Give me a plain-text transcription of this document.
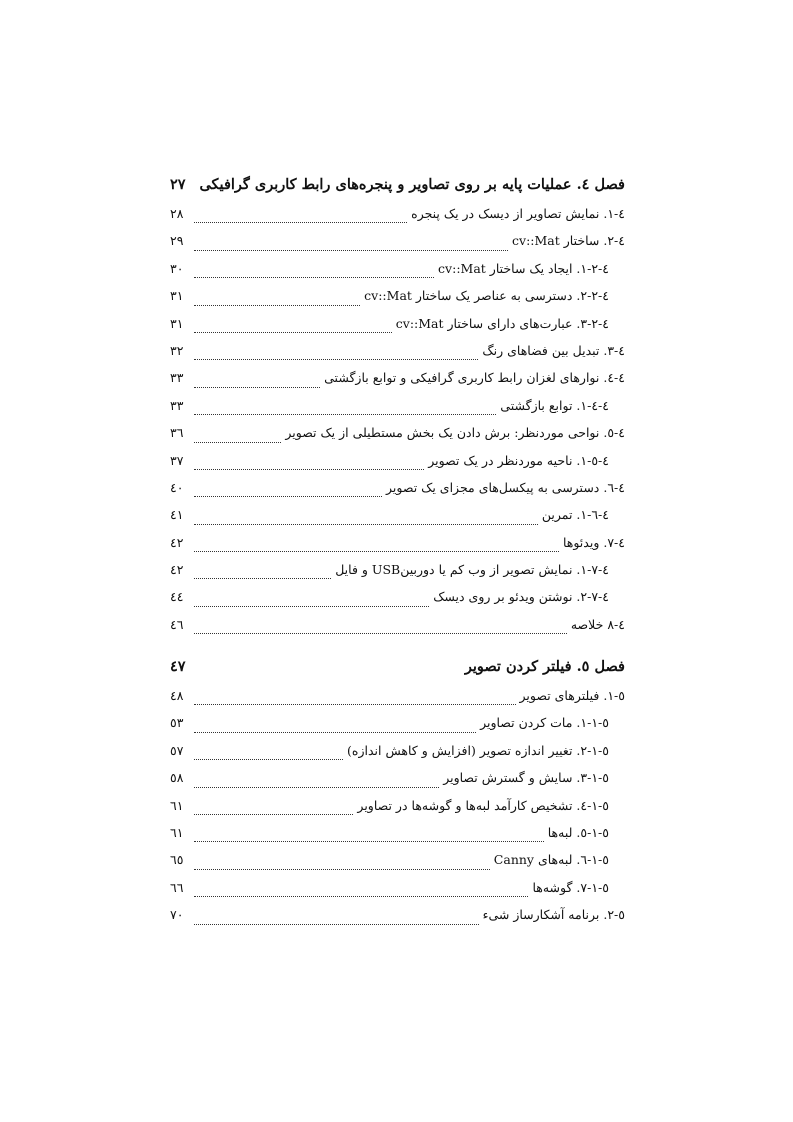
فصل ٤. عملیات پایه بر روی تصاویر و پنجره‌های رابط کاربری گرافیکی
۲۷
٤-١. نمایش تصاویر از دیسک در یک پنجره
۲۸
٤-٢. ساختار cv::Mat
۲۹
٤-٢-١. ایجاد یک ساختار cv::Mat
۳۰
٤-٢-٢. دسترسی به عناصر یک ساختار cv::Mat
۳۱
٤-٢-٣. عبارت‌های دارای ساختار cv::Mat
۳۱
٤-٣. تبدیل بین فضاهای رنگ
۳۲
٤-٤. نوارهای لغزان رابط کاربری گرافیکی و توابع بازگشتی
۳۳
٤-٤-١. توابع بازگشتی
۳۳
٤-٥. نواحی موردنظر: برش دادن یک بخش مستطیلی از یک تصویر
۳٦
٤-٥-١. ناحیه موردنظر در یک تصویر
۳۷
٤-٦. دسترسی به پیکسل‌های مجزای یک تصویر
٤۰
٤-٦-١. تمرین
٤۱
٤-٧. ویدئوها
٤۲
٤-٧-١. نمایش تصویر از وب کم یا دوربینUSB و فایل
٤۲
٤-٧-٢. نوشتن ویدئو بر روی دیسک
٤٤
٤-٨ خلاصه
٤٦
فصل ٥. فیلتر کردن تصویر
٤۷
٥-١. فیلترهای تصویر
٤۸
٥-١-١. مات کردن تصاویر
٥۳
٥-١-٢. تغییر اندازه تصویر (افزایش و کاهش اندازه)
٥۷
٥-١-٣. سایش و گسترش تصاویر
٥۸
٥-١-٤. تشخیص کارآمد لبه‌ها و گوشه‌ها در تصاویر
٦۱
٥-١-٥. لبه‌ها
٦۱
٥-١-٦. لبه‌های Canny
٦٥
٥-١-٧. گوشه‌ها
٦٦
٥-٢. برنامه آشکارساز شیء
۷۰
